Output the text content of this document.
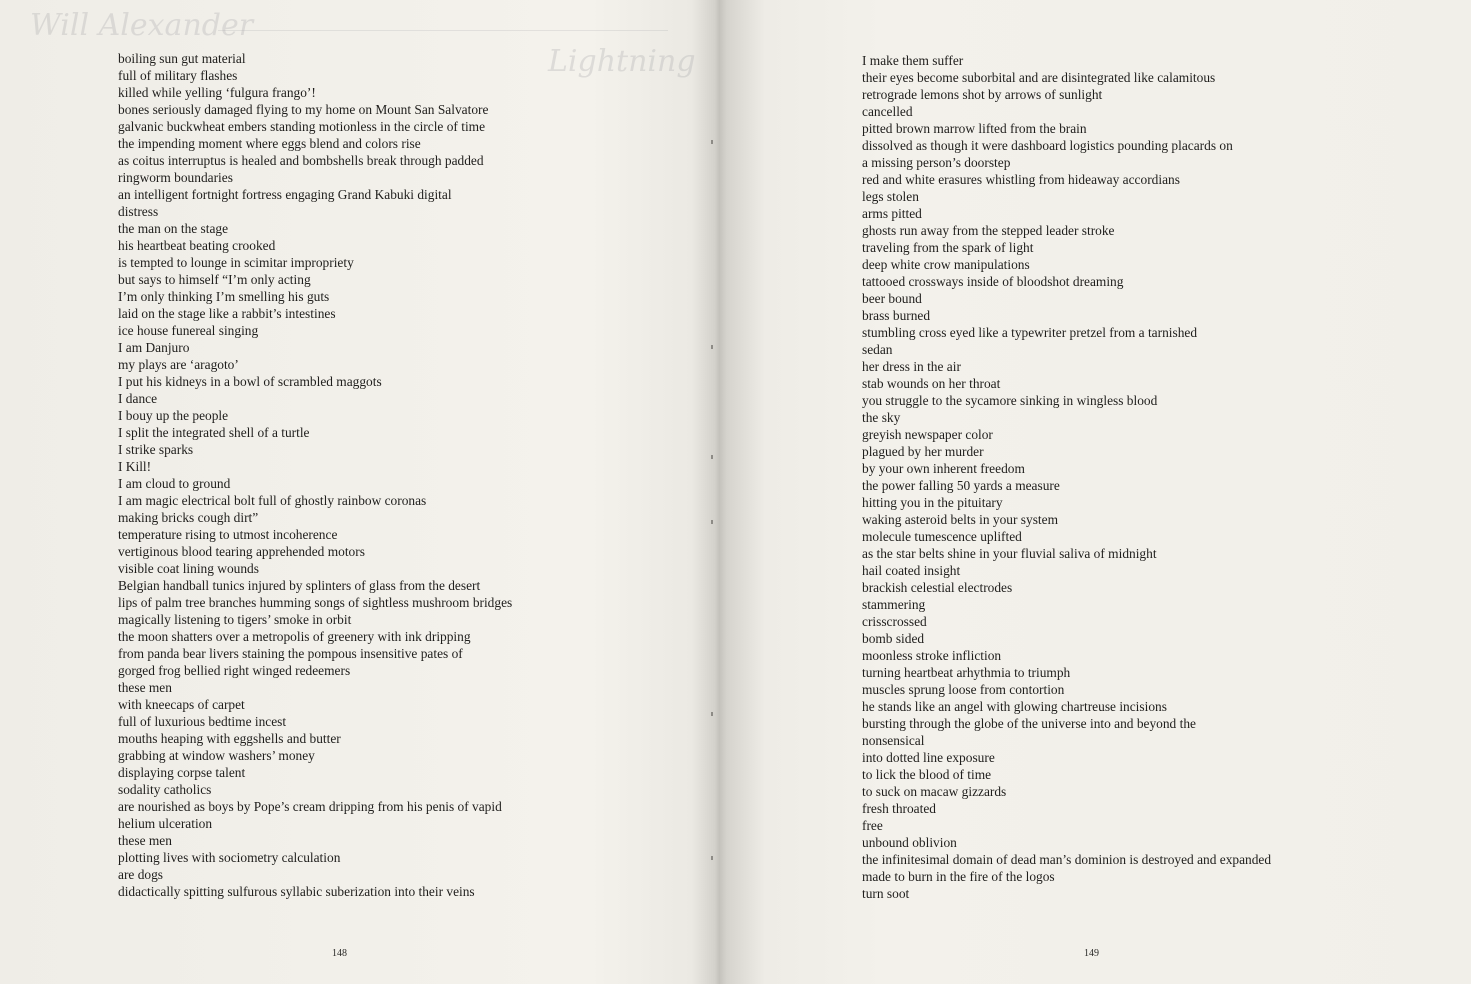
Will Alexander
Lightning
boiling sun gut material
full of military flashes
killed while yelling ‘fulgura frango’!
bones seriously damaged flying to my home on Mount San Salvatore
galvanic buckwheat embers standing motionless in the circle of time
the impending moment where eggs blend and colors rise
as coitus interruptus is healed and bombshells break through padded
ringworm boundaries
an intelligent fortnight fortress engaging Grand Kabuki digital
distress
the man on the stage
his heartbeat beating crooked
is tempted to lounge in scimitar impropriety
but says to himself “I’m only acting
I’m only thinking I’m smelling his guts
laid on the stage like a rabbit’s intestines
ice house funereal singing
I am Danjuro
my plays are ‘aragoto’
I put his kidneys in a bowl of scrambled maggots
I dance
I bouy up the people
I split the integrated shell of a turtle
I strike sparks
I Kill!
I am cloud to ground
I am magic electrical bolt full of ghostly rainbow coronas
making bricks cough dirt”
temperature rising to utmost incoherence
vertiginous blood tearing apprehended motors
visible coat lining wounds
Belgian handball tunics injured by splinters of glass from the desert
lips of palm tree branches humming songs of sightless mushroom bridges
magically listening to tigers’ smoke in orbit
the moon shatters over a metropolis of greenery with ink dripping
from panda bear livers staining the pompous insensitive pates of
gorged frog bellied right winged redeemers
these men
with kneecaps of carpet
full of luxurious bedtime incest
mouths heaping with eggshells and butter
grabbing at window washers’ money
displaying corpse talent
sodality catholics
are nourished as boys by Pope’s cream dripping from his penis of vapid
helium ulceration
these men
plotting lives with sociometry calculation
are dogs
didactically spitting sulfurous syllabic suberization into their veins
148
I make them suffer
their eyes become suborbital and are disintegrated like calamitous
retrograde lemons shot by arrows of sunlight
cancelled
pitted brown marrow lifted from the brain
dissolved as though it were dashboard logistics pounding placards on
a missing person’s doorstep
red and white erasures whistling from hideaway accordians
legs stolen
arms pitted
ghosts run away from the stepped leader stroke
traveling from the spark of light
deep white crow manipulations
tattooed crossways inside of bloodshot dreaming
beer bound
brass burned
stumbling cross eyed like a typewriter pretzel from a tarnished
sedan
her dress in the air
stab wounds on her throat
you struggle to the sycamore sinking in wingless blood
the sky
greyish newspaper color
plagued by her murder
by your own inherent freedom
the power falling 50 yards a measure
hitting you in the pituitary
waking asteroid belts in your system
molecule tumescence uplifted
as the star belts shine in your fluvial saliva of midnight
hail coated insight
brackish celestial electrodes
stammering
crisscrossed
bomb sided
moonless stroke infliction
turning heartbeat arhythmia to triumph
muscles sprung loose from contortion
he stands like an angel with glowing chartreuse incisions
bursting through the globe of the universe into and beyond the
nonsensical
into dotted line exposure
to lick the blood of time
to suck on macaw gizzards
fresh throated
free
unbound oblivion
the infinitesimal domain of dead man’s dominion is destroyed and expanded
made to burn in the fire of the logos
turn soot
149
